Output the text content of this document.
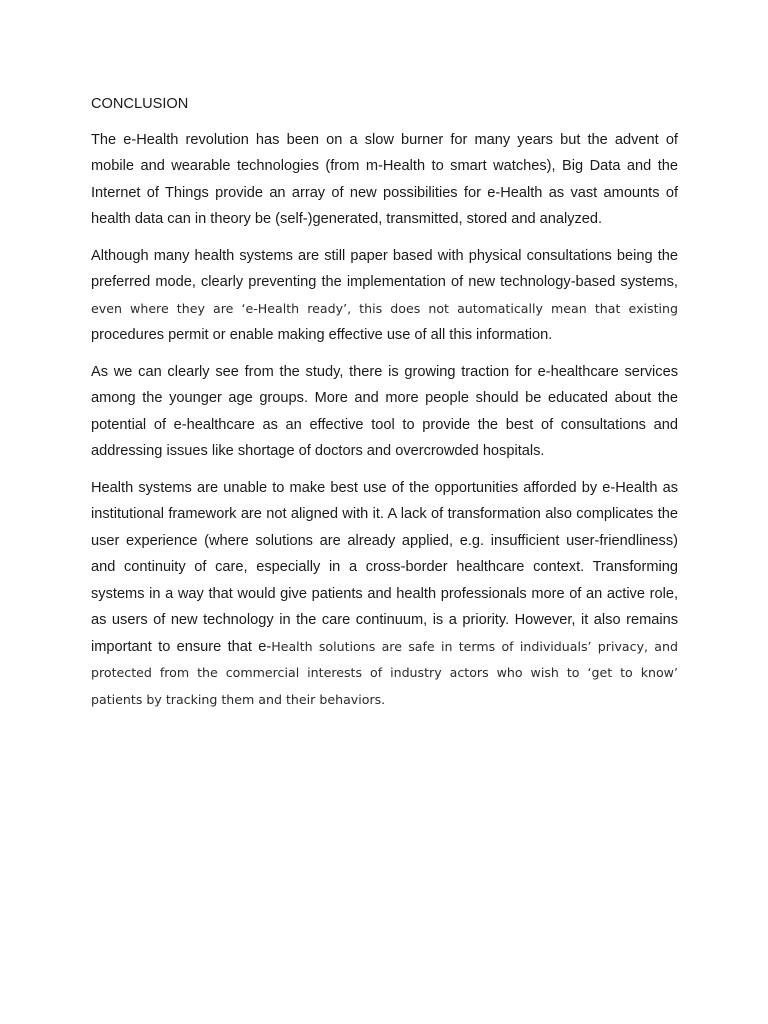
CONCLUSION

The e-Health revolution has been on a slow burner for many years but the advent of mobile and wearable technologies (from m-Health to smart watches), Big Data and the Internet of Things provide an array of new possibilities for e-Health as vast amounts of health data can in theory be (self-)generated, transmitted, stored and analyzed.

Although many health systems are still paper based with physical consultations being the preferred mode, clearly preventing the implementation of new technology-based systems, even where they are ‘e-Health ready’, this does not automatically mean that existing procedures permit or enable making effective use of all this information.

As we can clearly see from the study, there is growing traction for e-healthcare services among the younger age groups. More and more people should be educated about the potential of e-healthcare as an effective tool to provide the best of consultations and addressing issues like shortage of doctors and overcrowded hospitals.

Health systems are unable to make best use of the opportunities afforded by e-Health as institutional framework are not aligned with it. A lack of transformation also complicates the user experience (where solutions are already applied, e.g. insufficient user-friendliness) and continuity of care, especially in a cross-border healthcare context. Transforming systems in a way that would give patients and health professionals more of an active role, as users of new technology in the care continuum, is a priority. However, it also remains important to ensure that e-Health solutions are safe in terms of individuals’ privacy, and protected from the commercial interests of industry actors who wish to ‘get to know’ patients by tracking them and their behaviors.
